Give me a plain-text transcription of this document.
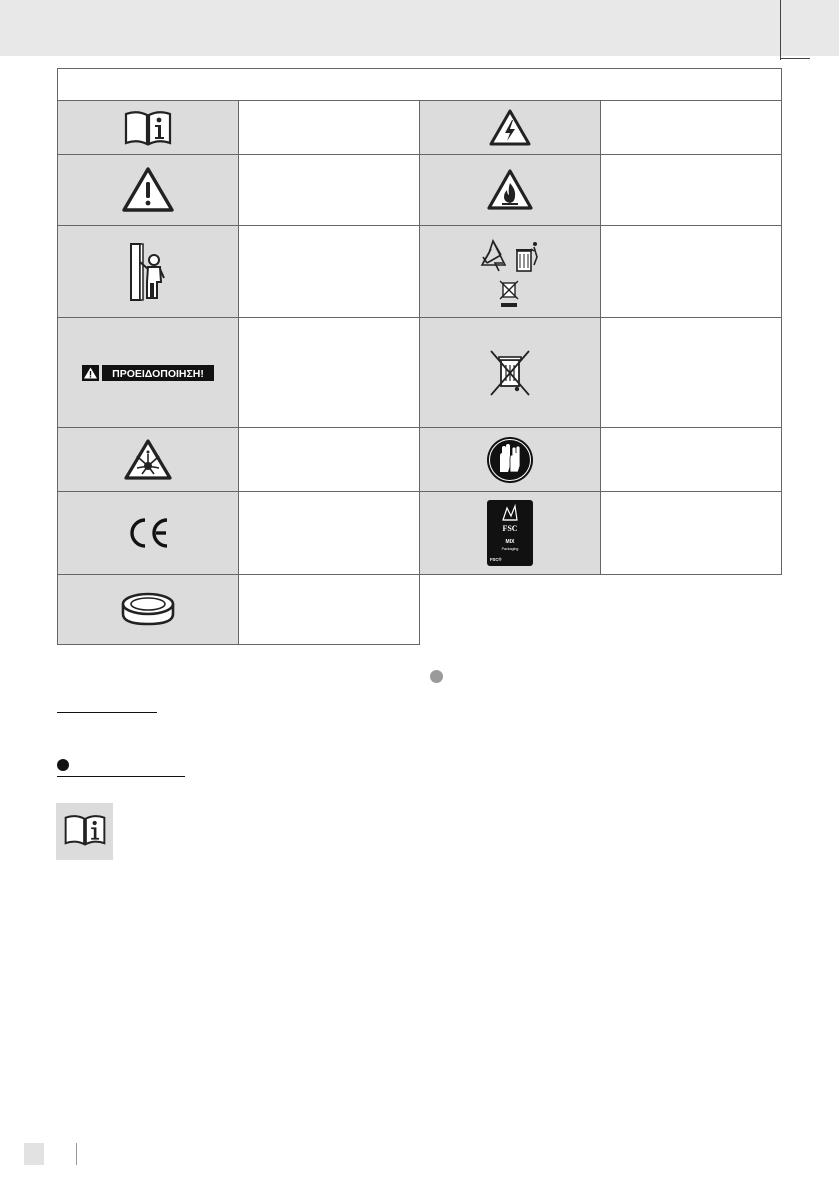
ΠΡΟΕΙΔΟΠΟΙΗΣΗ!

FSC
MIX
Packaging
FSC®	
